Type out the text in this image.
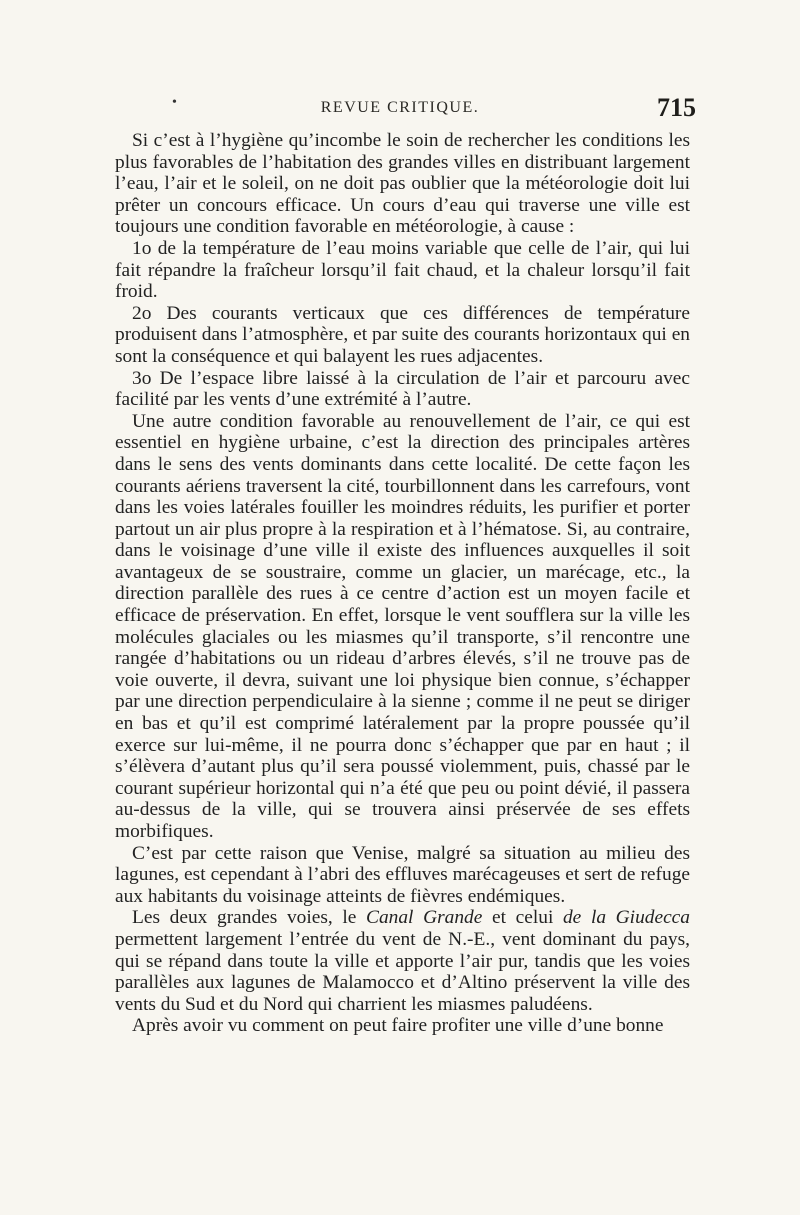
•	REVUE CRITIQUE.	715

Si c’est à l’hygiène qu’incombe le soin de rechercher les conditions les plus favorables de l’habitation des grandes villes en distribuant largement l’eau, l’air et le soleil, on ne doit pas oublier que la météorologie doit lui prêter un concours efficace. Un cours d’eau qui traverse une ville est toujours une condition favorable en météorologie, à cause :

1o de la température de l’eau moins variable que celle de l’air, qui lui fait répandre la fraîcheur lorsqu’il fait chaud, et la chaleur lorsqu’il fait froid.

2o Des courants verticaux que ces différences de température produisent dans l’atmosphère, et par suite des courants horizontaux qui en sont la conséquence et qui balayent les rues adjacentes.

3o De l’espace libre laissé à la circulation de l’air et parcouru avec facilité par les vents d’une extrémité à l’autre.

Une autre condition favorable au renouvellement de l’air, ce qui est essentiel en hygiène urbaine, c’est la direction des principales artères dans le sens des vents dominants dans cette localité. De cette façon les courants aériens traversent la cité, tourbillonnent dans les carrefours, vont dans les voies latérales fouiller les moindres réduits, les purifier et porter partout un air plus propre à la respiration et à l’hématose. Si, au contraire, dans le voisinage d’une ville il existe des influences auxquelles il soit avantageux de se soustraire, comme un glacier, un marécage, etc., la direction parallèle des rues à ce centre d’action est un moyen facile et efficace de préservation. En effet, lorsque le vent soufflera sur la ville les molécules glaciales ou les miasmes qu’il transporte, s’il rencontre une rangée d’habitations ou un rideau d’arbres élevés, s’il ne trouve pas de voie ouverte, il devra, suivant une loi physique bien connue, s’échapper par une direction perpendiculaire à la sienne ; comme il ne peut se diriger en bas et qu’il est comprimé latéralement par la propre poussée qu’il exerce sur lui-même, il ne pourra donc s’échapper que par en haut ; il s’élèvera d’autant plus qu’il sera poussé violemment, puis, chassé par le courant supérieur horizontal qui n’a été que peu ou point dévié, il passera au-dessus de la ville, qui se trouvera ainsi préservée de ses effets morbifiques.

C’est par cette raison que Venise, malgré sa situation au milieu des lagunes, est cependant à l’abri des effluves marécageuses et sert de refuge aux habitants du voisinage atteints de fièvres endémiques.

Les deux grandes voies, le Canal Grande et celui de la Giudecca permettent largement l’entrée du vent de N.-E., vent dominant du pays, qui se répand dans toute la ville et apporte l’air pur, tandis que les voies parallèles aux lagunes de Malamocco et d’Altino préservent la ville des vents du Sud et du Nord qui charrient les miasmes paludéens.

Après avoir vu comment on peut faire profiter une ville d’une bonne
